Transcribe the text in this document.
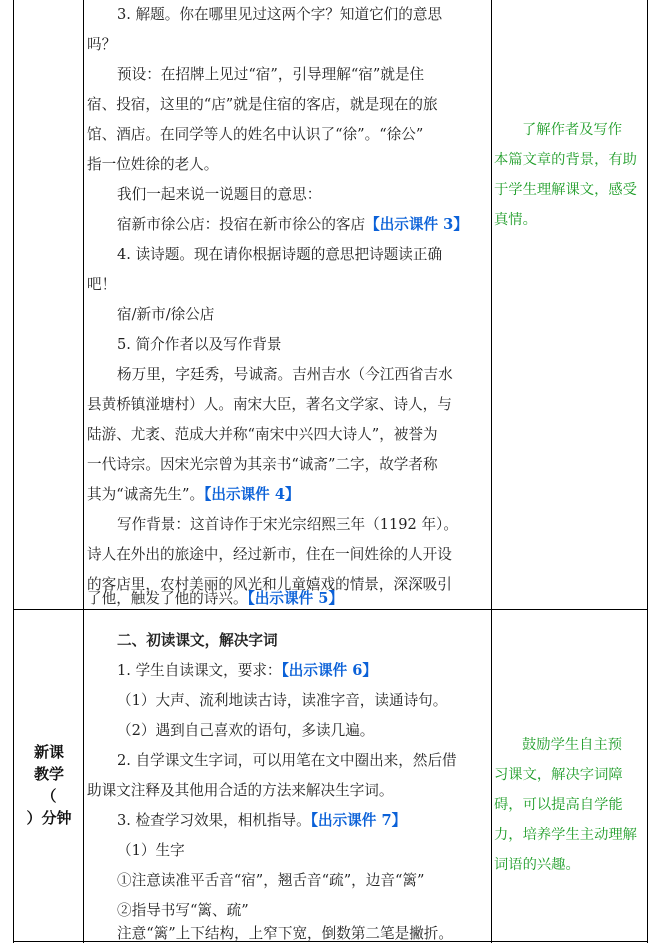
3. 解题。你在哪里见过这两个字？知道它们的意思
吗？
预设：在招牌上见过“宿”，引导理解“宿”就是住
宿、投宿，这里的“店”就是住宿的客店，就是现在的旅
馆、酒店。在同学等人的姓名中认识了“徐”。“徐公”
指一位姓徐的老人。
我们一起来说一说题目的意思：
宿新市徐公店：投宿在新市徐公的客店【出示课件 3】
4. 读诗题。现在请你根据诗题的意思把诗题读正确
吧！
宿/新市/徐公店
5. 简介作者以及写作背景
杨万里，字廷秀，号诚斋。吉州吉水（今江西省吉水
县黄桥镇湴塘村）人。南宋大臣，著名文学家、诗人，与
陆游、尤袤、范成大并称“南宋中兴四大诗人”，被誉为
一代诗宗。因宋光宗曾为其亲书“诚斋”二字，故学者称
其为“诚斋先生”。【出示课件 4】
写作背景：这首诗作于宋光宗绍熙三年（1192 年）。
诗人在外出的旅途中，经过新市，住在一间姓徐的人开设
的客店里，农村美丽的风光和儿童嬉戏的情景，深深吸引
了他，触发了他的诗兴。【出示课件 5】
了解作者及写作
本篇文章的背景，有助
于学生理解课文，感受
真情。
新课
教学
（
）分钟
二、初读课文，解决字词
1. 学生自读课文，要求：【出示课件 6】
（1）大声、流利地读古诗，读准字音，读通诗句。
（2）遇到自己喜欢的语句，多读几遍。
2. 自学课文生字词，可以用笔在文中圈出来，然后借
助课文注释及其他用合适的方法来解决生字词。
3. 检查学习效果，相机指导。【出示课件 7】
（1）生字
①注意读准平舌音“宿”，翘舌音“疏”，边音“篱”
②指导书写“篱、疏”
注意“篱”上下结构，上窄下宽，倒数第二笔是撇折。
鼓励学生自主预
习课文，解决字词障
碍，可以提高自学能
力，培养学生主动理解
词语的兴趣。
